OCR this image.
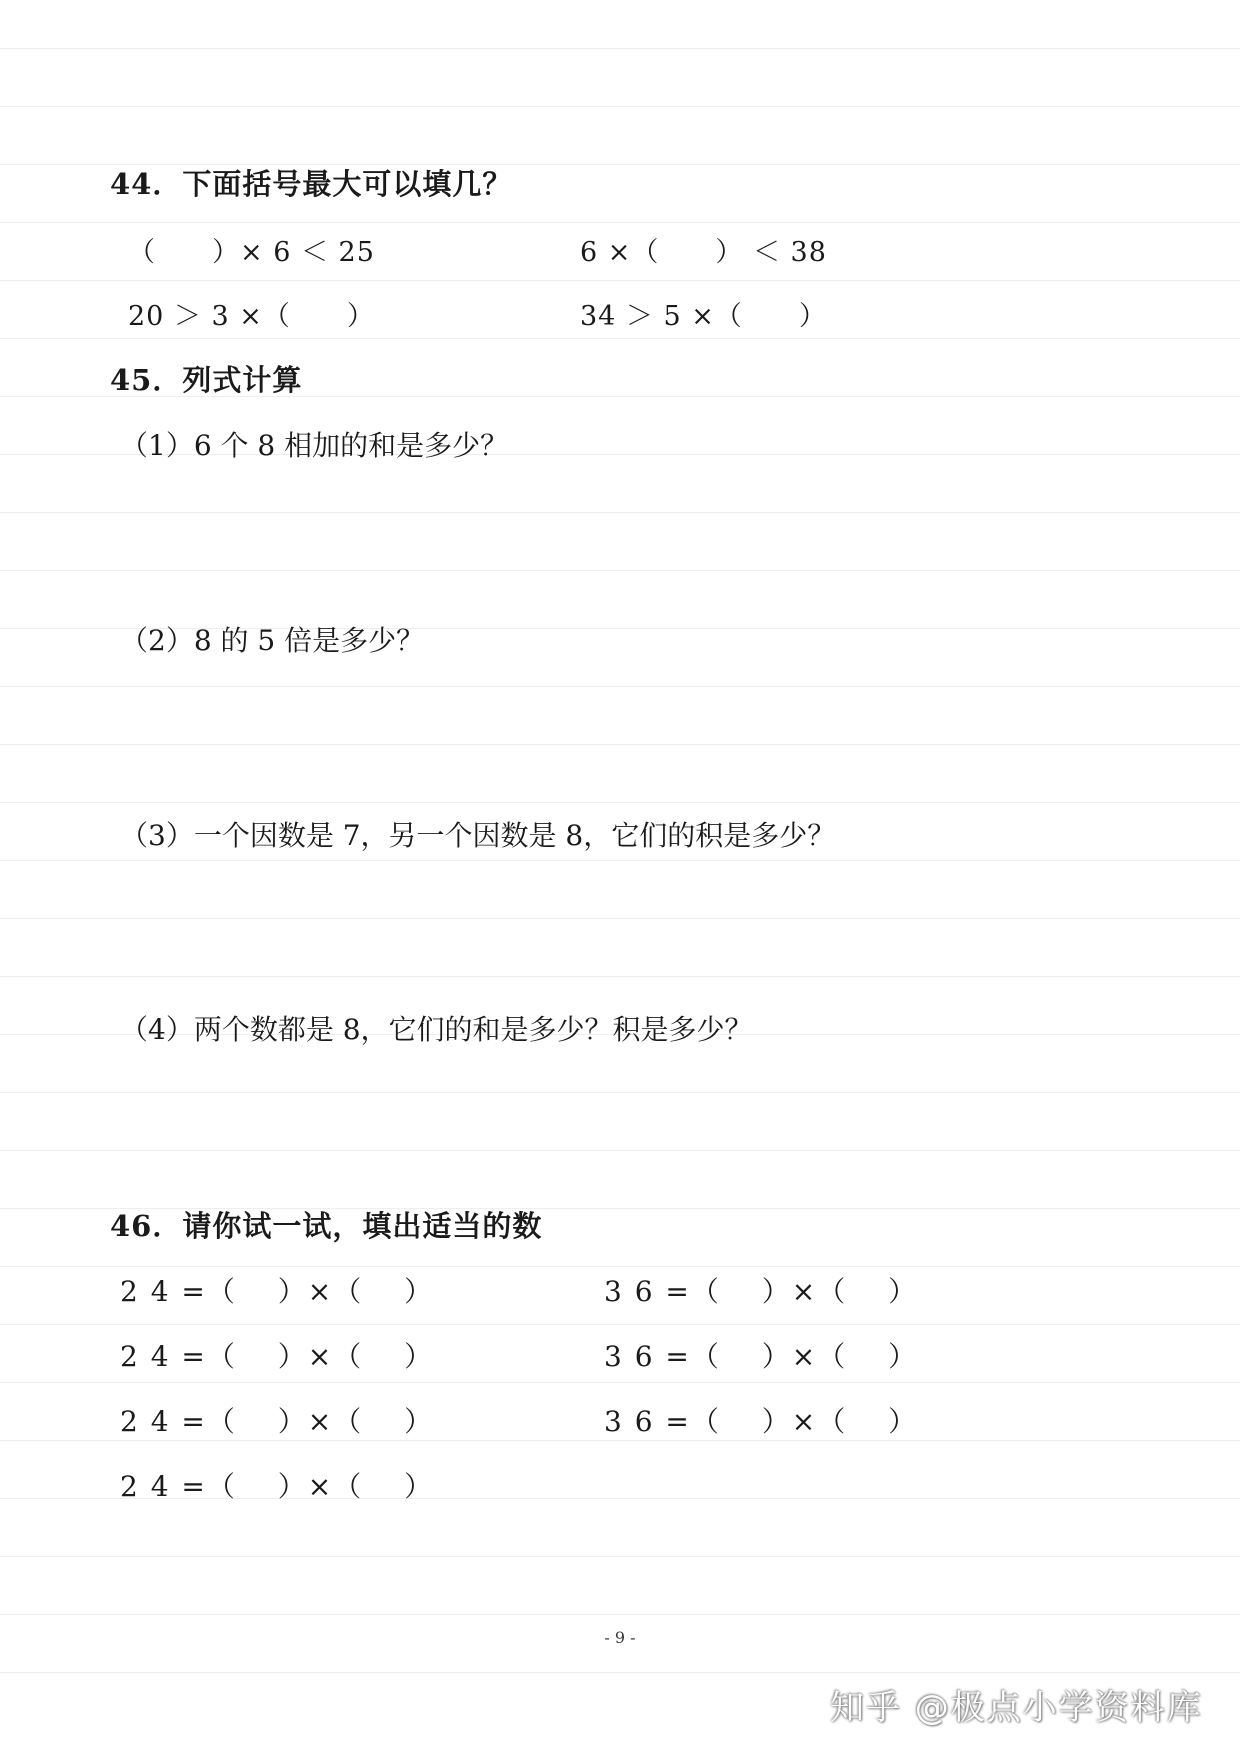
44．下面括号最大可以填几？
（　　）× 6 ＜ 25	6 ×（　　） ＜ 38
20 ＞ 3 ×（　　）	34 ＞ 5 ×（　　）
45．列式计算
（1）6 个 8 相加的和是多少？
（2）8 的 5 倍是多少？
（3）一个因数是 7，另一个因数是 8，它们的积是多少？
（4）两个数都是 8，它们的和是多少？积是多少？
46．请你试一试，填出适当的数
2 4 =（　 ）×（　 ）
2 4 =（　 ）×（　 ）
2 4 =（　 ）×（　 ）
2 4 =（　 ）×（　 ）
3 6 =（　 ）×（　 ）
3 6 =（　 ）×（　 ）
3 6 =（　 ）×（　 ）
- 9 -
知乎 @极点小学资料库
